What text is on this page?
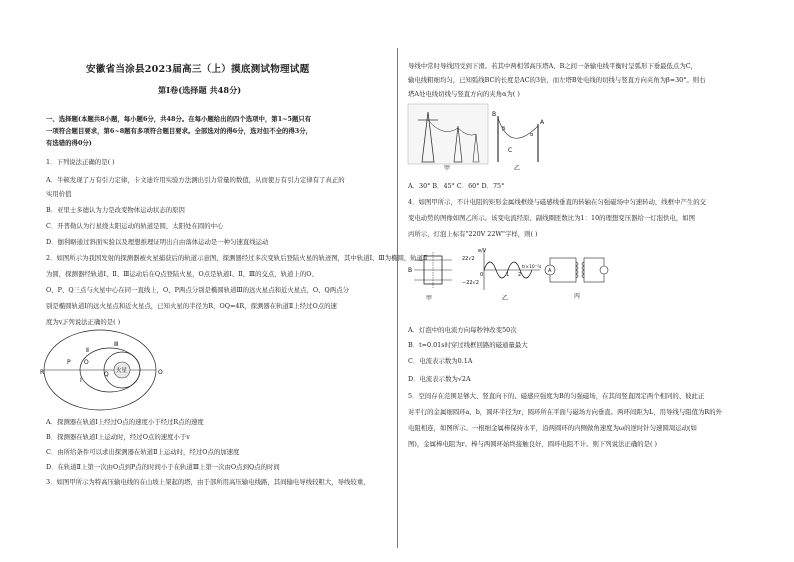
安徽省当涂县2023届高三（上）摸底测试物理试题
第Ⅰ卷(选择题 共48分)
一、选择题(本题共8小题，每小题6分，共48分。在每小题给出的四个选项中，第1~5题只有
一项符合题目要求，第6~8题有多项符合题目要求。全部选对的得6分，选对但不全的得3分，
有选错的得0分)
1．下列说法正确的是( )
A．牛顿发现了万有引力定律，卡文迪许用实验方法测出引力常量的数值，从而使万有引力定律有了真正的
实用价值
B．亚里士多德认为力是改变物体运动状态的原因
C．开普勒认为行星绕太阳运动的轨道是圆，太阳处在圆的中心
D．伽利略通过斜面实验以及理想推理证明出自由落体运动是一种匀速直线运动
2．如图所示为我国发射的探测器被火星捕获后的轨道示意图，探测器经过多次变轨后登陆火星的轨迹图，其中轨道Ⅰ、Ⅲ为椭圆，轨道Ⅱ
为圆，探测器经轨道Ⅰ、Ⅱ、Ⅲ运动后在Q点登陆火星，O点是轨道Ⅰ、Ⅱ、Ⅲ的交点，轨道上的O、
O、P、Q三点与火星中心在同一直线上，O、P两点分别是椭圆轨道Ⅲ的远火星点和近火星点，O、Q两点分
别是椭圆轨道Ⅰ的远火星点和近火星点，已知火星的半径为R，OQ=4R，探测器在轨道Ⅱ上经过O点的速
度为v。
下列说法正确的是( )
火星
R	O
P
Q
O
Ⅱ
Ⅲ
Ⅰ
A．探测器在轨道Ⅰ上经过O点的速度小于经过R点的速度
B．探测器在轨道Ⅰ上运动时，经过O点的速度小于v
C．由所给条件可以求出探测器在轨道Ⅱ上运动时，经过O点的加速度
D．在轨道Ⅱ上第一次由O点到P点的时间小于在轨道Ⅲ上第一次由O点到Q点的时间
3．如图甲所示为特高压输电线的在山坡上架起的塔，由于部所用高压输电线路，其间输电导线较粗大，导线较重，
导线中常时导线因受到下滑。若其中两相邻高压塔A、B之间一条输电线平衡时呈弧形下垂最低点为C，
输电线粗细均匀，已知弧线BC的长度是AC的3倍，而左塔B处电线的切线与竖直方向夹角为β=30°。则右
塔A处电线切线与竖直方向的夹角α为( )
甲
B
A
C
β
α
乙
A．30° B．45° C．60° D．75°
4．如图甲所示，不计电阻的矩形金属线框绕与磁感线垂直的转轴在匀强磁场中匀速转动，线框中产生的交
变电动势的图像如图乙所示。该变电流经原、副线圈匝数比为1：10的理想变压器给一灯泡供电，如图
丙所示，灯泡上标有"220V 22W"字样，则( )
B
甲
e/V
22√2
−22√2
0	1 2
t/×10⁻²s
乙
A
丙
A．灯泡中的电流方向每秒钟改变50次
B．t=0.01s时穿过线框回路的磁通量最大
C．电流表示数为0.1A
D．电流表示数为√2A
5．空间存在范围足够大、竖直向下的、磁感应强度为B的匀强磁场，在其间竖直固定两个相同的、彼此正
对平行的金属细圆环a、b，圆环半径为r，圆环所在平面与磁场方向垂直。两环间距为L，用导线与阻值为R的外
电阻相连，如图所示。一根细金属棒保持水平，沿两圆环的内侧做角速度为ω的逆时针匀速圆周运动(如
图)，金属棒电阻为r。棒与两圆环始终接触良好，圆环电阻不计。则下列说法正确的是( )
